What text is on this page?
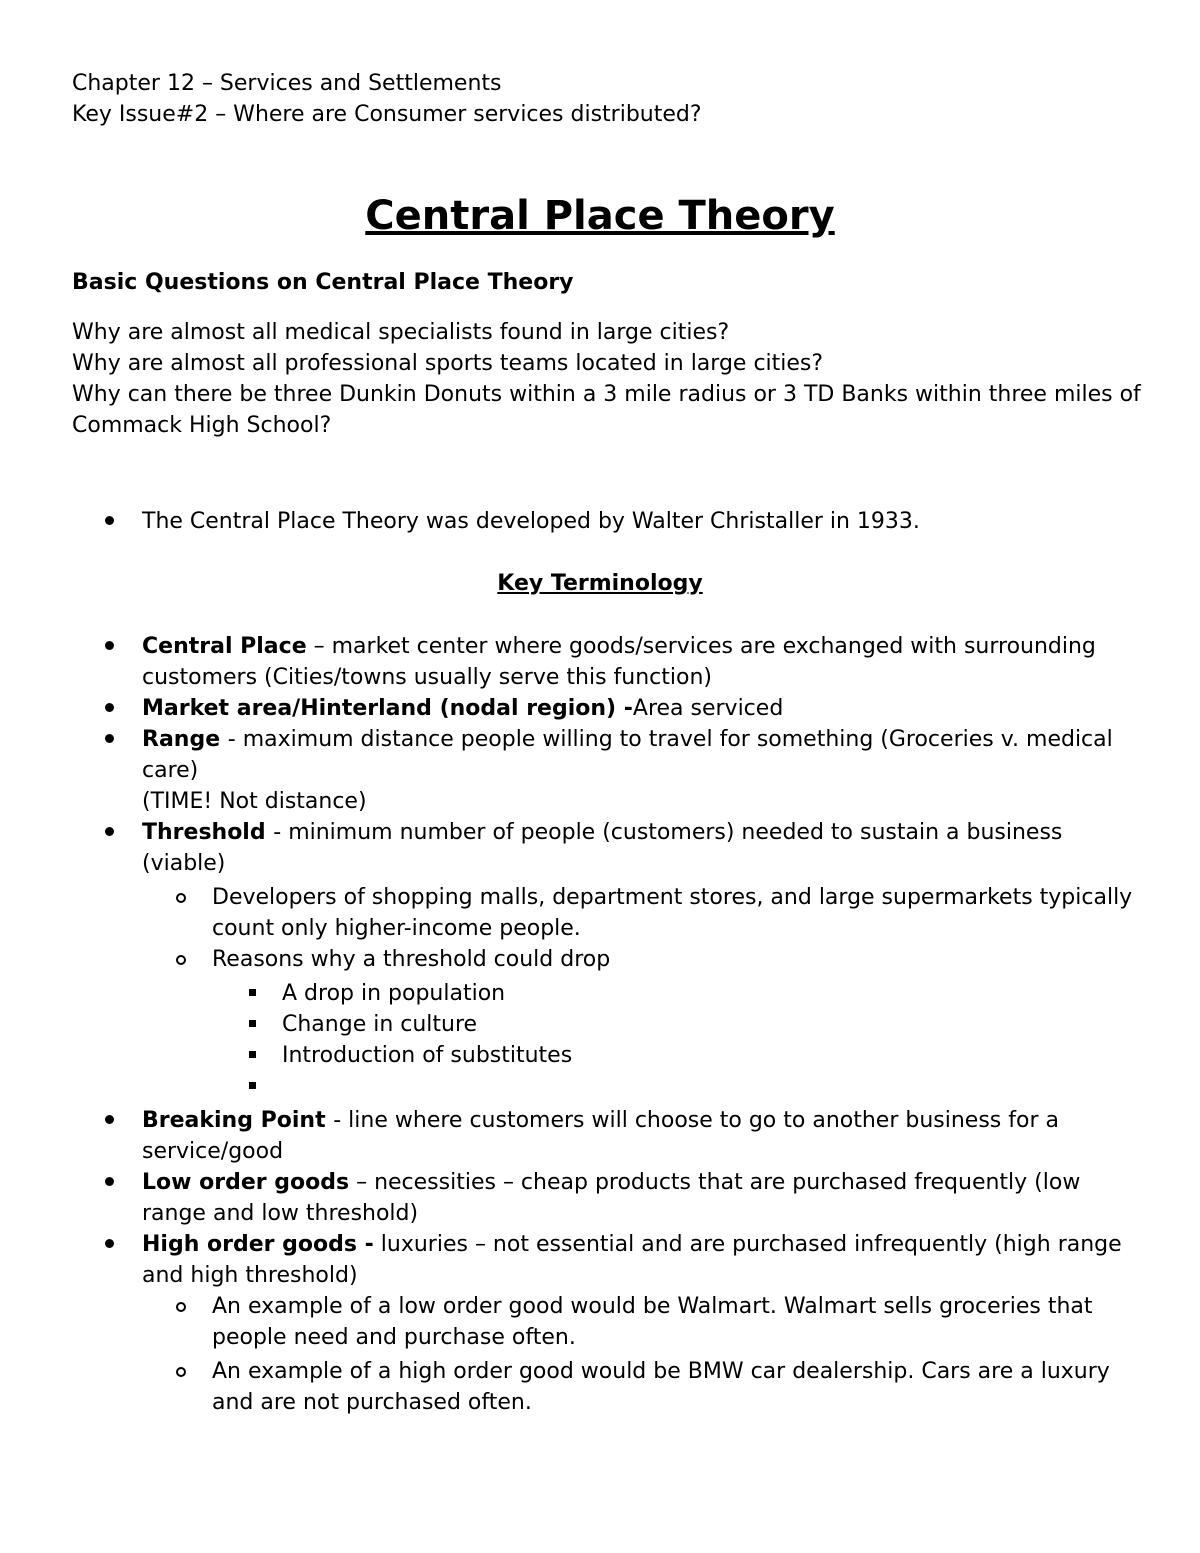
Chapter 12 – Services and Settlements
Key Issue#2 – Where are Consumer services distributed?
Central Place Theory
Basic Questions on Central Place Theory
Why are almost all medical specialists found in large cities?
Why are almost all professional sports teams located in large cities?
Why can there be three Dunkin Donuts within a 3 mile radius or 3 TD Banks within three miles of Commack High School?
The Central Place Theory was developed by Walter Christaller in 1933.
Key Terminology
Central Place – market center where goods/services are exchanged with surrounding customers (Cities/towns usually serve this function)
Market area/Hinterland (nodal region) -Area serviced
Range - maximum distance people willing to travel for something (Groceries v. medical care)
(TIME! Not distance)
Threshold - minimum number of people (customers) needed to sustain a business (viable)
Developers of shopping malls, department stores, and large supermarkets typically count only higher-income people.
Reasons why a threshold could drop
A drop in population
Change in culture
Introduction of substitutes
Breaking Point - line where customers will choose to go to another business for a service/good
Low order goods – necessities – cheap products that are purchased frequently (low range and low threshold)
High order goods - luxuries – not essential and are purchased infrequently (high range and high threshold)
An example of a low order good would be Walmart. Walmart sells groceries that people need and purchase often.
An example of a high order good would be BMW car dealership. Cars are a luxury and are not purchased often.
